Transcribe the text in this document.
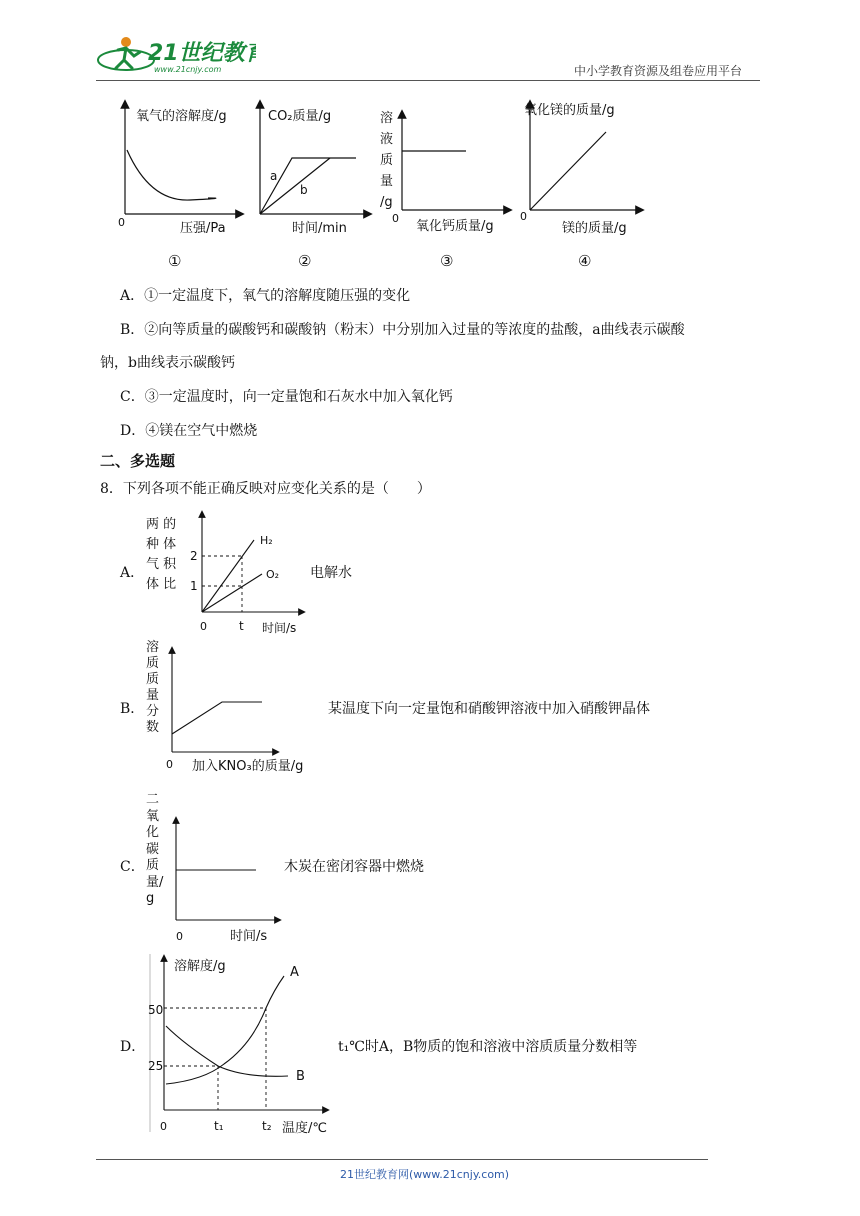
21世纪教育
www.21cnjy.com	中小学教育资源及组卷应用平台
氧气的溶解度/g
压强/Pa
0
①
a
b
CO₂质量/g
时间/min
②
溶液质量/g
氧化钙质量/g
0
③
氧化镁的质量/g
镁的质量/g
0
④
A．①一定温度下，氧气的溶解度随压强的变化
B．②向等质量的碳酸钙和碳酸钠（粉末）中分别加入过量的等浓度的盐酸，a曲线表示碳酸
钠，b曲线表示碳酸钙
C．③一定温度时，向一定量饱和石灰水中加入氧化钙
D．④镁在空气中燃烧
二、多选题
8．下列各项不能正确反映对应变化关系的是（　　）
A．
两 的种 体气 积体 比
H₂
O₂
2
1
0	t 时间/s
电解水
B．
0 加入KNO₃的质量/g
溶质质量分数
某温度下向一定量饱和硝酸钾溶液中加入硝酸钾晶体
C．
0	时间/s
二氧化碳质量/g
木炭在密闭容器中燃烧
D．
溶解度/g
50
25
A
B
0	t₁	t₂ 温度/℃
t₁℃时A，B物质的饱和溶液中溶质质量分数相等
21世纪教育网(www.21cnjy.com)
